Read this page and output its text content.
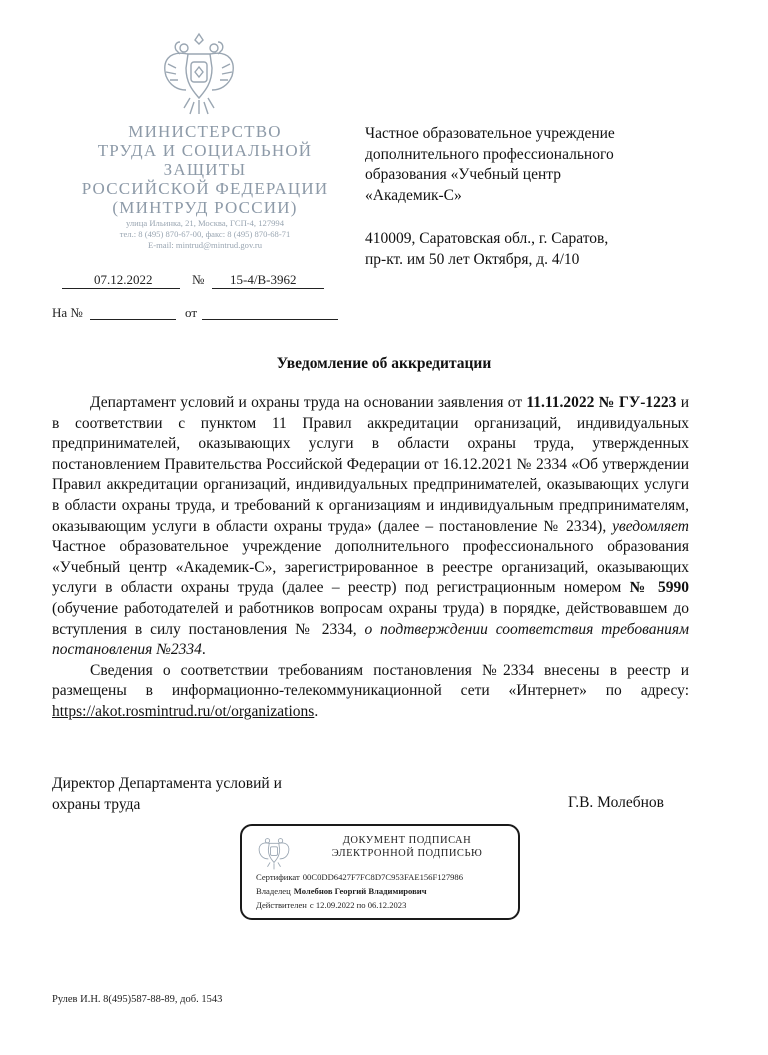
МИНИСТЕРСТВО
ТРУДА И СОЦИАЛЬНОЙ
ЗАЩИТЫ
РОССИЙСКОЙ ФЕДЕРАЦИИ
(МИНТРУД РОССИИ)
улица Ильинка, 21, Москва, ГСП-4, 127994
тел.: 8 (495) 870-67-00, факс: 8 (495) 870-68-71
E-mail: mintrud@mintrud.gov.ru
07.12.2022	№ 15-4/В-3962
На №	от
Частное образовательное учреждение
дополнительного профессионального
образования «Учебный центр
«Академик-С»
410009, Саратовская обл., г. Саратов,
пр-кт. им 50 лет Октября, д. 4/10
Уведомление об аккредитации

Департамент условий и охраны труда на основании заявления от 11.11.2022 № ГУ-1223 и в соответствии с пунктом 11 Правил аккредитации организаций, индивидуальных предпринимателей, оказывающих услуги в области охраны труда, утвержденных постановлением Правительства Российской Федерации от 16.12.2021 № 2334 «Об утверждении Правил аккредитации организаций, индивидуальных предпринимателей, оказывающих услуги в области охраны труда, и требований к организациям и индивидуальным предпринимателям, оказывающим услуги в области охраны труда» (далее – постановление № 2334), уведомляет Частное образовательное учреждение дополнительного профессионального образования «Учебный центр «Академик-С», зарегистрированное в реестре организаций, оказывающих услуги в области охраны труда (далее – реестр) под регистрационным номером № 5990 (обучение работодателей и работников вопросам охраны труда) в порядке, действовавшем до вступления в силу постановления № 2334, о подтверждении соответствия требованиям постановления №2334.

Сведения о соответствии требованиям постановления №2334 внесены в реестр и размещены в информационно-телекоммуникационной сети «Интернет» по адресу: https://akot.rosmintrud.ru/ot/organizations.

Директор Департамента условий и
охраны труда	Г.В. Молебнов
ДОКУМЕНТ ПОДПИСАН
ЭЛЕКТРОННОЙ ПОДПИСЬЮ
Сертификат 00C0DD6427F7FC8D7C953FAE156F127986
Владелец Молебнов Георгий Владимирович
Действителен с 12.09.2022 по 06.12.2023
Рулев И.Н. 8(495)587-88-89, доб. 1543
